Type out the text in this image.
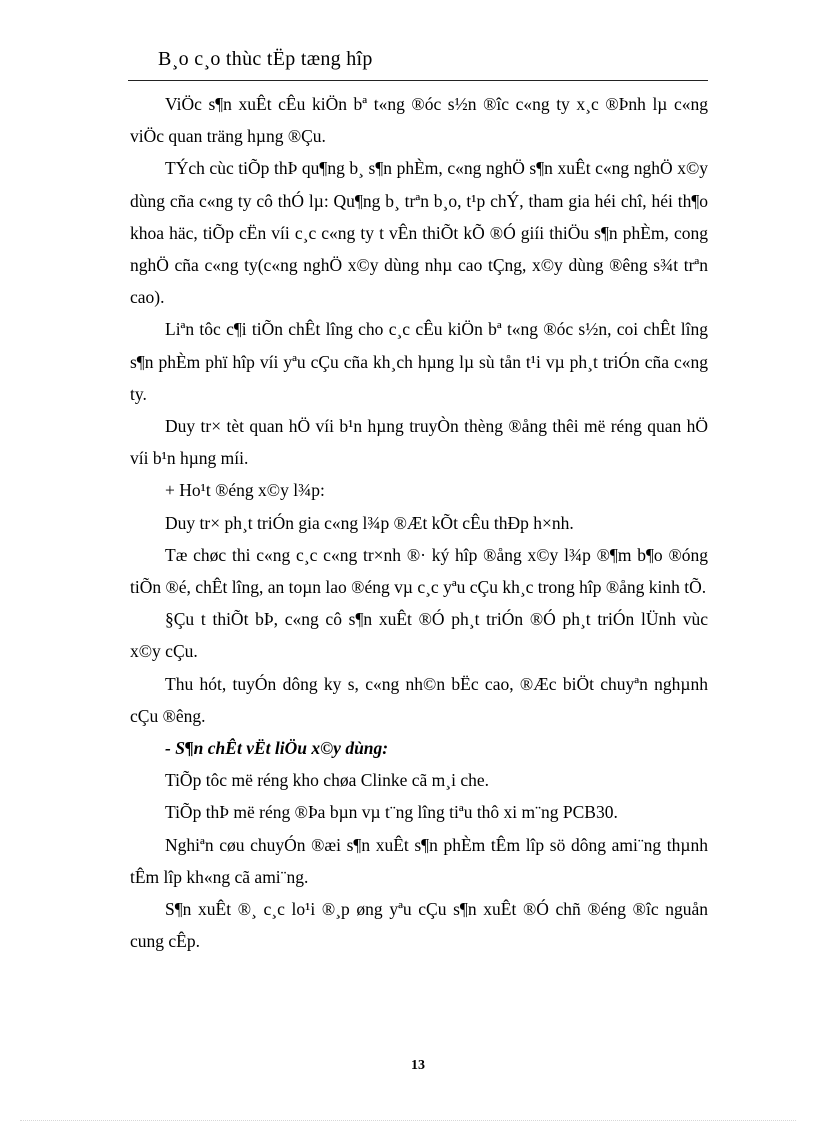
B¸o c¸o thùc tËp tæng hîp

ViÖc s¶n xuÊt cÊu kiÖn bª t«ng ®óc s½n ®îc c«ng ty x¸c ®Þnh lµ c«ng viÖc quan träng hµng ®Çu.

TÝch cùc tiÕp thÞ qu¶ng b¸ s¶n phÈm, c«ng nghÖ s¶n xuÊt c«ng nghÖ x©y dùng cña c«ng ty cô thÓ lµ: Qu¶ng b¸ trªn b¸o, t¹p chÝ, tham gia héi chî, héi th¶o khoa häc, tiÕp cËn víi c¸c c«ng ty t vÊn thiÕt kÕ ®Ó giíi thiÖu s¶n phÈm, cong nghÖ cña c«ng ty(c«ng nghÖ x©y dùng nhµ cao tÇng, x©y dùng ®êng s¾t trªn cao).

Liªn tôc c¶i tiÕn chÊt lîng cho c¸c cÊu kiÖn bª t«ng ®óc s½n, coi chÊt lîng s¶n phÈm phï hîp víi yªu cÇu cña kh¸ch hµng lµ sù tån t¹i vµ ph¸t triÓn cña c«ng ty.

Duy tr× tèt quan hÖ víi b¹n hµng truyÒn thèng ®ång thêi më réng quan hÖ víi b¹n hµng míi.

+ Ho¹t ®éng x©y l¾p:

Duy tr× ph¸t triÓn gia c«ng l¾p ®Æt kÕt cÊu thÐp h×nh.

Tæ chøc thi c«ng c¸c c«ng tr×nh ®· ký hîp ®ång x©y l¾p ®¶m b¶o ®óng tiÕn ®é, chÊt lîng, an toµn lao ®éng vµ c¸c yªu cÇu kh¸c trong hîp ®ång kinh tÕ.

§Çu t thiÕt bÞ, c«ng cô s¶n xuÊt ®Ó ph¸t triÓn ®Ó ph¸t triÓn lÜnh vùc x©y cÇu.

Thu hót, tuyÓn dông ky s, c«ng nh©n bËc cao, ®Æc biÖt chuyªn nghµnh cÇu ®êng.

- S¶n chÊt vËt liÖu x©y dùng:

TiÕp tôc më réng kho chøa Clinke cã m¸i che.

TiÕp thÞ më réng ®Þa bµn vµ t¨ng lîng tiªu thô xi m¨ng PCB30.

Nghiªn cøu chuyÓn ®æi s¶n xuÊt s¶n phÈm tÊm lîp sö dông ami¨ng thµnh tÊm lîp kh«ng cã ami¨ng.

S¶n xuÊt ®¸ c¸c lo¹i ®¸p øng yªu cÇu s¶n xuÊt ®Ó chñ ®éng ®îc nguån cung cÊp.

13
